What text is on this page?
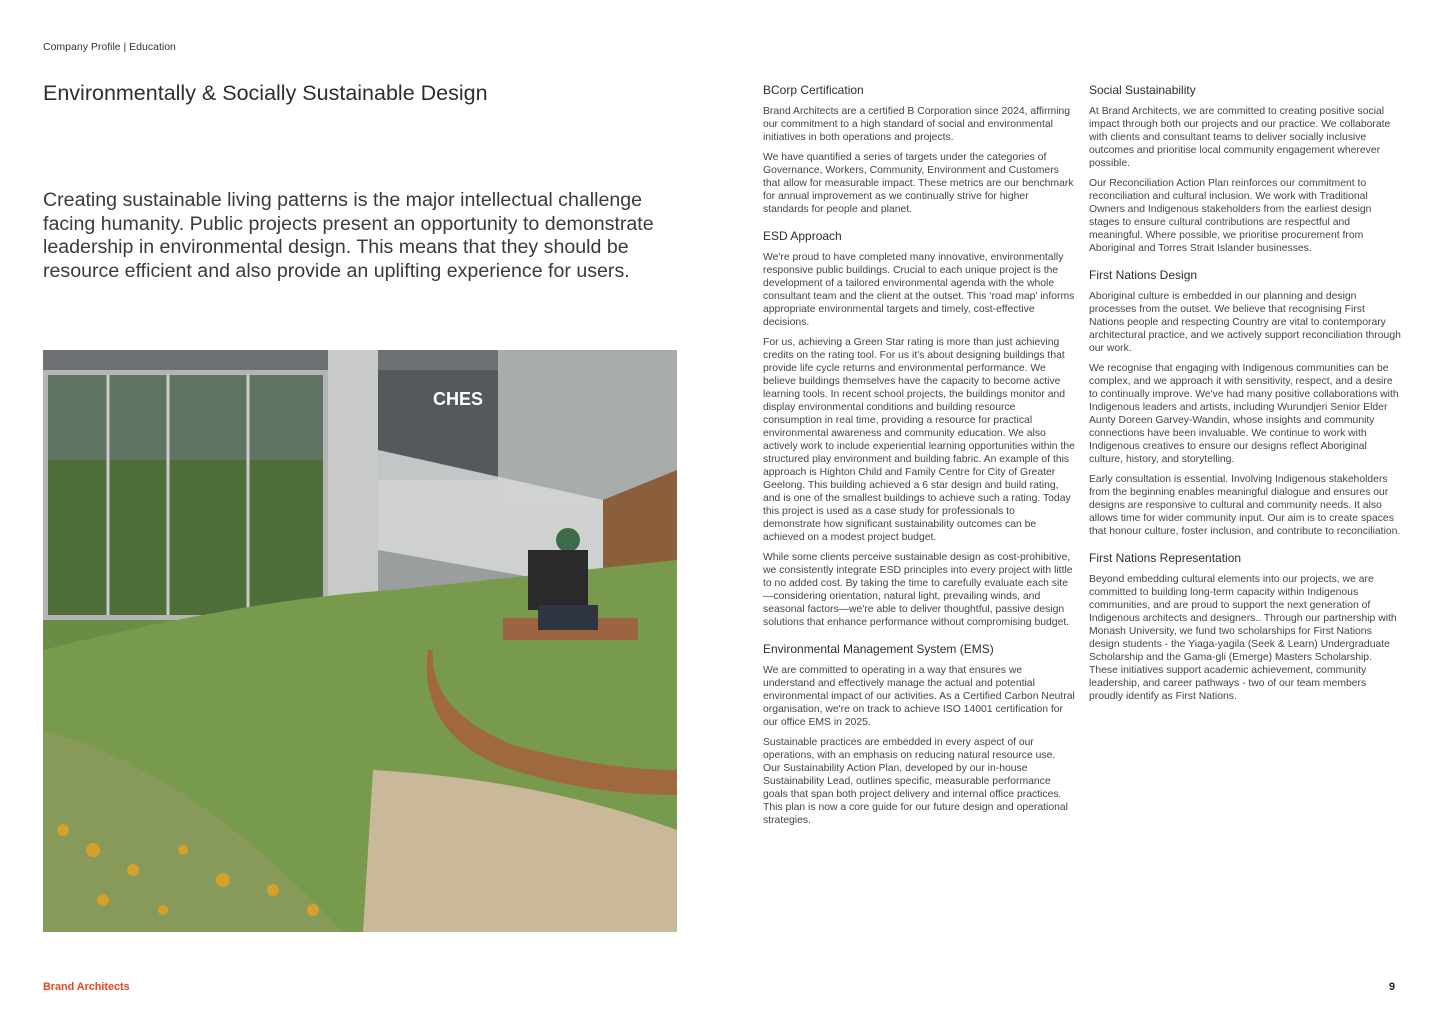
Company Profile | Education
Environmentally & Socially Sustainable Design

Creating sustainable living patterns is the major intellectual challenge facing humanity. Public projects present an opportunity to demonstrate leadership in environmental design. This means that they should be resource efficient and also provide an uplifting experience for users.

CHES
BCorp Certification

Brand Architects are a certified B Corporation since 2024, affirming our commitment to a high standard of social and environmental initiatives in both operations and projects.

We have quantified a series of targets under the categories of Governance, Workers, Community, Environment and Customers that allow for measurable impact. These metrics are our benchmark for annual improvement as we continually strive for higher standards for people and planet.

ESD Approach

We're proud to have completed many innovative, environmentally responsive public buildings. Crucial to each unique project is the development of a tailored environmental agenda with the whole consultant team and the client at the outset. This ‘road map’ informs appropriate environmental targets and timely, cost-effective decisions.

For us, achieving a Green Star rating is more than just achieving credits on the rating tool. For us it's about designing buildings that provide life cycle returns and environmental performance. We believe buildings themselves have the capacity to become active learning tools. In recent school projects, the buildings monitor and display environmental conditions and building resource consumption in real time, providing a resource for practical environmental awareness and community education. We also actively work to include experiential learning opportunities within the structured play environment and building fabric. An example of this approach is Highton Child and Family Centre for City of Greater Geelong. This building achieved a 6 star design and build rating, and is one of the smallest buildings to achieve such a rating. Today this project is used as a case study for professionals to demonstrate how significant sustainability outcomes can be achieved on a modest project budget.

While some clients perceive sustainable design as cost-prohibitive, we consistently integrate ESD principles into every project with little to no added cost. By taking the time to carefully evaluate each site—considering orientation, natural light, prevailing winds, and seasonal factors—we're able to deliver thoughtful, passive design solutions that enhance performance without compromising budget.

Environmental Management System (EMS)

We are committed to operating in a way that ensures we understand and effectively manage the actual and potential environmental impact of our activities. As a Certified Carbon Neutral organisation, we're on track to achieve ISO 14001 certification for our office EMS in 2025.

Sustainable practices are embedded in every aspect of our operations, with an emphasis on reducing natural resource use. Our Sustainability Action Plan, developed by our in-house Sustainability Lead, outlines specific, measurable performance goals that span both project delivery and internal office practices. This plan is now a core guide for our future design and operational strategies.

Social Sustainability

At Brand Architects, we are committed to creating positive social impact through both our projects and our practice. We collaborate with clients and consultant teams to deliver socially inclusive outcomes and prioritise local community engagement wherever possible.

Our Reconciliation Action Plan reinforces our commitment to reconciliation and cultural inclusion. We work with Traditional Owners and Indigenous stakeholders from the earliest design stages to ensure cultural contributions are respectful and meaningful. Where possible, we prioritise procurement from Aboriginal and Torres Strait Islander businesses.

First Nations Design

Aboriginal culture is embedded in our planning and design processes from the outset. We believe that recognising First Nations people and respecting Country are vital to contemporary architectural practice, and we actively support reconciliation through our work.

We recognise that engaging with Indigenous communities can be complex, and we approach it with sensitivity, respect, and a desire to continually improve. We've had many positive collaborations with Indigenous leaders and artists, including Wurundjeri Senior Elder Aunty Doreen Garvey-Wandin, whose insights and community connections have been invaluable. We continue to work with Indigenous creatives to ensure our designs reflect Aboriginal culture, history, and storytelling.

Early consultation is essential. Involving Indigenous stakeholders from the beginning enables meaningful dialogue and ensures our designs are responsive to cultural and community needs. It also allows time for wider community input. Our aim is to create spaces that honour culture, foster inclusion, and contribute to reconciliation.

First Nations Representation

Beyond embedding cultural elements into our projects, we are committed to building long-term capacity within Indigenous communities, and are proud to support the next generation of Indigenous architects and designers.. Through our partnership with Monash University, we fund two scholarships for First Nations design students - the Yiaga-yagila (Seek & Learn) Undergraduate Scholarship and the Gama-gli (Emerge) Masters Scholarship. These initiatives support academic achievement, community leadership, and career pathways - two of our team members proudly identify as First Nations.

Brand Architects	9
